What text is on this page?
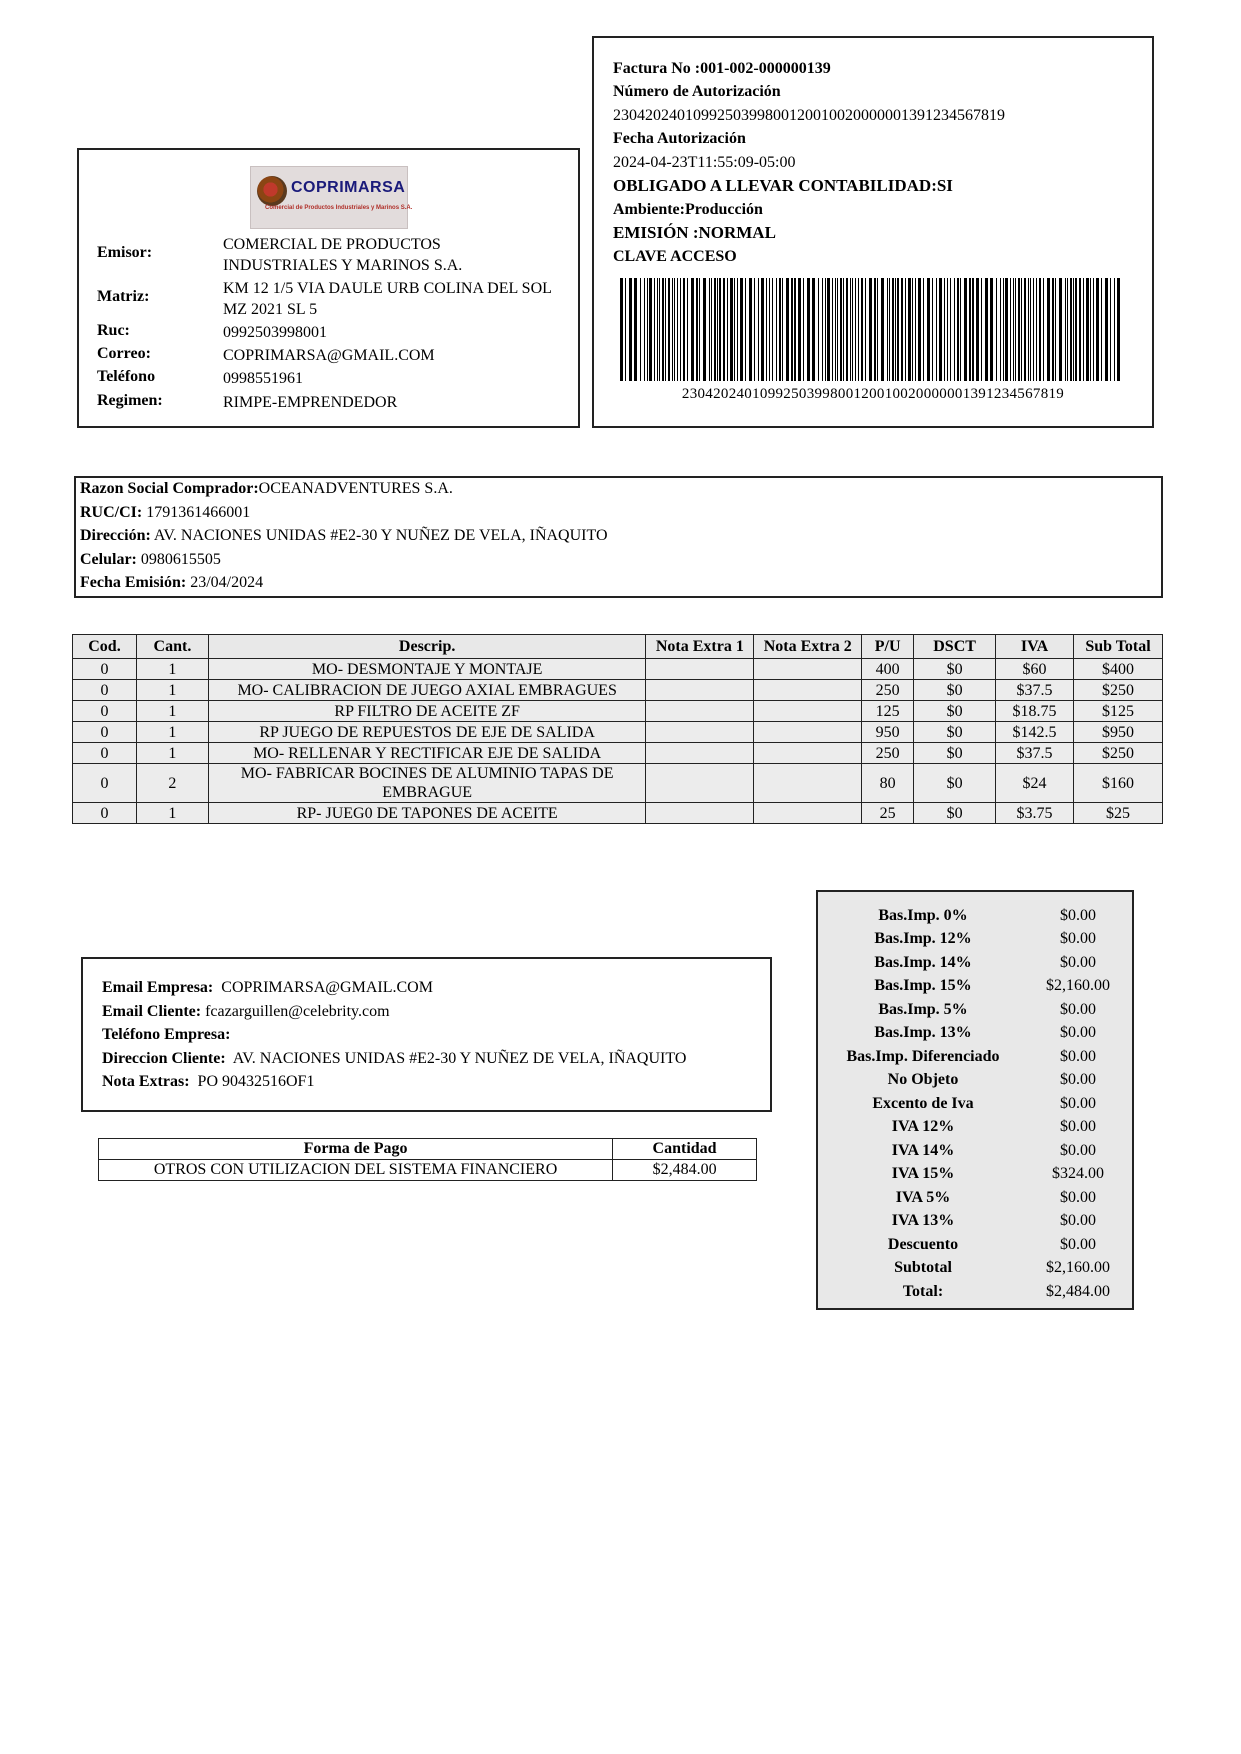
COPRIMARSA
Comercial de Productos Industriales y Marinos S.A.
Emisor:	COMERCIAL DE PRODUCTOS INDUSTRIALES Y MARINOS S.A.
Matriz:	KM 12 1/5 VIA DAULE URB COLINA DEL SOL MZ 2021 SL 5
Ruc:	0992503998001
Correo:	COPRIMARSA@GMAIL.COM
Teléfono	0998551961
Regimen:	RIMPE-EMPRENDEDOR
Factura No :001-002-000000139
Número de Autorización
2304202401099250399800120010020000001391234567819
Fecha Autorización
2024-04-23T11:55:09-05:00
OBLIGADO A LLEVAR CONTABILIDAD:SI
Ambiente:Producción
EMISIÓN :NORMAL
CLAVE ACCESO
2304202401099250399800120010020000001391234567819
Razon Social Comprador:OCEANADVENTURES S.A.
RUC/CI: 1791361466001
Dirección: AV. NACIONES UNIDAS #E2-30 Y NUÑEZ DE VELA, IÑAQUITO
Celular: 0980615505
Fecha Emisión: 23/04/2024
Cod.	Cant.	Descrip.	Nota Extra 1	Nota Extra 2	P/U	DSCT	IVA	Sub Total
0	1	MO- DESMONTAJE Y MONTAJE			400	$0	$60	$400
0	1	MO- CALIBRACION DE JUEGO AXIAL EMBRAGUES			250	$0	$37.5	$250
0	1	RP FILTRO DE ACEITE ZF			125	$0	$18.75	$125
0	1	RP JUEGO DE REPUESTOS DE EJE DE SALIDA			950	$0	$142.5	$950
0	1	MO- RELLENAR Y RECTIFICAR EJE DE SALIDA			250	$0	$37.5	$250
0	2	MO- FABRICAR BOCINES DE ALUMINIO TAPAS DE EMBRAGUE			80	$0	$24	$160
0	1	RP- JUEG0 DE TAPONES DE ACEITE			25	$0	$3.75	$25
Email Empresa: COPRIMARSA@GMAIL.COM
Email Cliente: fcazarguillen@celebrity.com
Teléfono Empresa:
Direccion Cliente: AV. NACIONES UNIDAS #E2-30 Y NUÑEZ DE VELA, IÑAQUITO
Nota Extras: PO 90432516OF1
Forma de Pago	Cantidad
OTROS CON UTILIZACION DEL SISTEMA FINANCIERO	$2,484.00
Bas.Imp. 0%	$0.00
Bas.Imp. 12%	$0.00
Bas.Imp. 14%	$0.00
Bas.Imp. 15%	$2,160.00
Bas.Imp. 5%	$0.00
Bas.Imp. 13%	$0.00
Bas.Imp. Diferenciado	$0.00
No Objeto	$0.00
Excento de Iva	$0.00
IVA 12%	$0.00
IVA 14%	$0.00
IVA 15%	$324.00
IVA 5%	$0.00
IVA 13%	$0.00
Descuento	$0.00
Subtotal	$2,160.00
Total:	$2,484.00
